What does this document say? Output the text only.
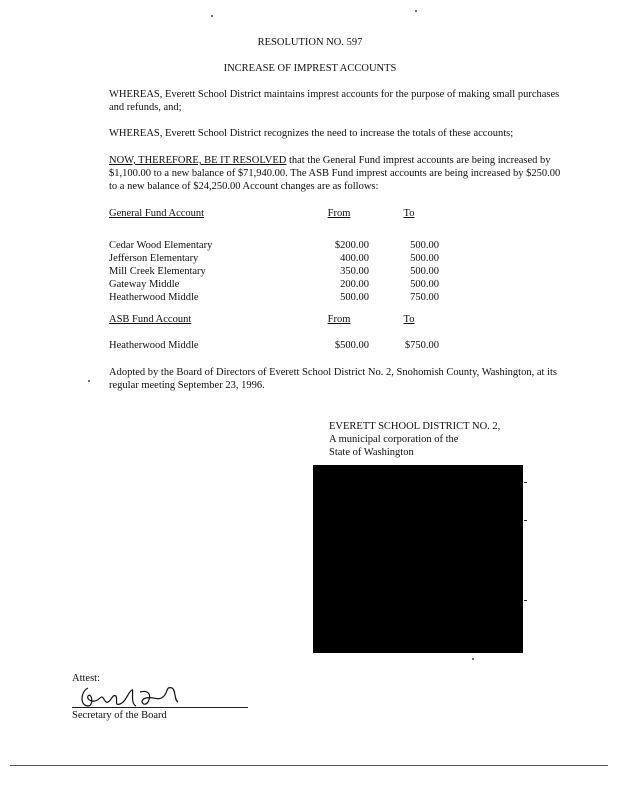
RESOLUTION NO. 597
INCREASE OF IMPREST ACCOUNTS
WHEREAS, Everett School District maintains imprest accounts for the purpose of making small purchases and refunds, and;
WHEREAS, Everett School District recognizes the need to increase the totals of these accounts;
NOW, THEREFORE, BE IT RESOLVED that the General Fund imprest accounts are being increased by $1,100.00 to a new balance of $71,940.00. The ASB Fund imprest accounts are being increased by $250.00 to a new balance of $24,250.00 Account changes are as follows:
General Fund Account	From	To
Cedar Wood Elementary	$200.00	500.00
Jefferson Elementary	400.00	500.00
Mill Creek Elementary	350.00	500.00
Gateway Middle	200.00	500.00
Heatherwood Middle	500.00	750.00
ASB Fund Account	From	To
Heatherwood Middle	$500.00	$750.00
Adopted by the Board of Directors of Everett School District No. 2, Snohomish County, Washington, at its regular meeting September 23, 1996.
EVERETT SCHOOL DISTRICT NO. 2,
A municipal corporation of the
State of Washington
Attest:
Secretary of the Board
